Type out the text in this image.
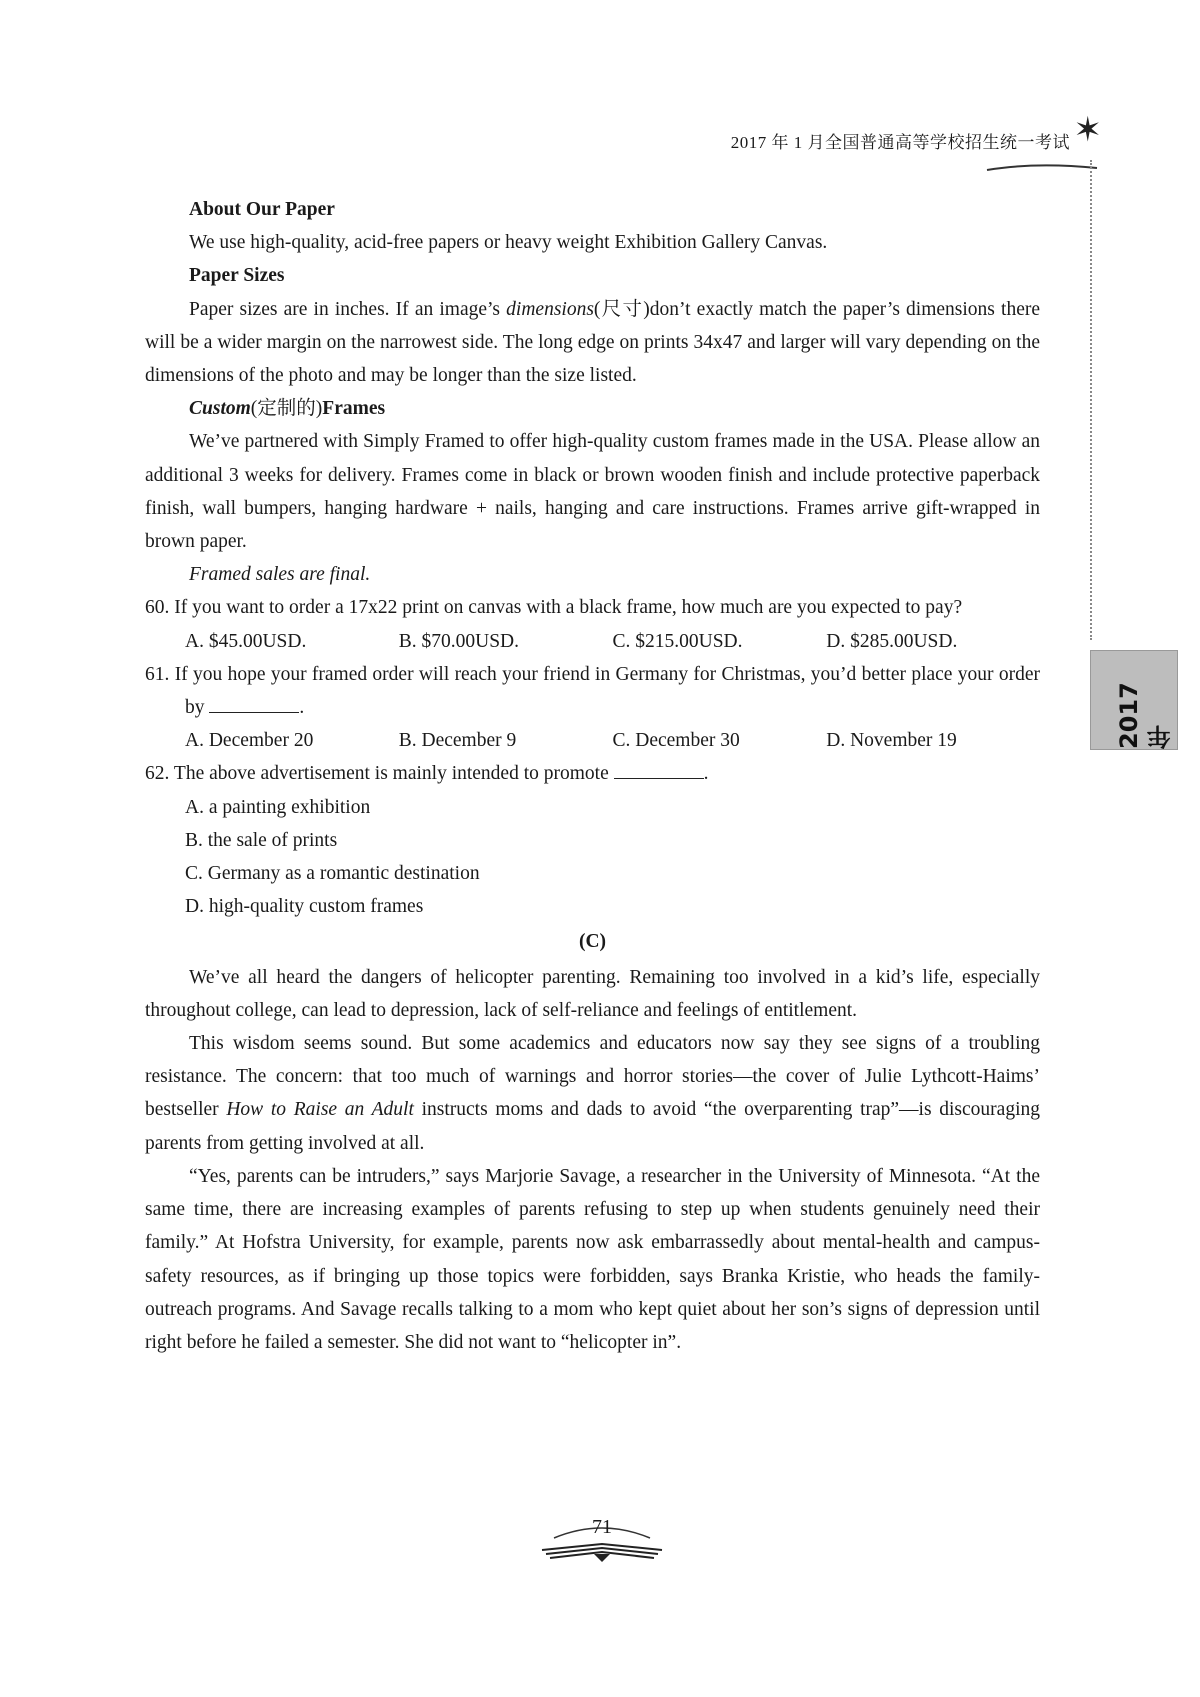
2017 年 1 月全国普通高等学校招生统一考试 ✶
2017年

About Our Paper

We use high-quality, acid-free papers or heavy weight Exhibition Gallery Canvas.

Paper Sizes

Paper sizes are in inches. If an image’s dimensions(尺寸)don’t exactly match the paper’s dimensions there will be a wider margin on the narrowest side. The long edge on prints 34x47 and larger will vary depending on the dimensions of the photo and may be longer than the size listed.

Custom(定制的)Frames

We’ve partnered with Simply Framed to offer high-quality custom frames made in the USA. Please allow an additional 3 weeks for delivery. Frames come in black or brown wooden finish and include protective paperback finish, wall bumpers, hanging hardware + nails, hanging and care instructions. Frames arrive gift-wrapped in brown paper.

Framed sales are final.

60. If you want to order a 17x22 print on canvas with a black frame, how much are you expected to pay?

A. $45.00USD.	B. $70.00USD.	C. $215.00USD.	D. $285.00USD.

61. If you hope your framed order will reach your friend in Germany for Christmas, you’d better place your order by	.

A. December 20	B. December 9	C. December 30	D. November 19

62. The above advertisement is mainly intended to promote	.

A. a painting exhibition

B. the sale of prints

C. Germany as a romantic destination

D. high-quality custom frames

(C)

We’ve all heard the dangers of helicopter parenting. Remaining too involved in a kid’s life, especially throughout college, can lead to depression, lack of self-reliance and feelings of entitlement.

This wisdom seems sound. But some academics and educators now say they see signs of a troubling resistance. The concern: that too much of warnings and horror stories—the cover of Julie Lythcott-Haims’ bestseller How to Raise an Adult instructs moms and dads to avoid “the overparenting trap”—is discouraging parents from getting involved at all.

“Yes, parents can be intruders,” says Marjorie Savage, a researcher in the University of Minnesota. “At the same time, there are increasing examples of parents refusing to step up when students genuinely need their family.” At Hofstra University, for example, parents now ask embarrassedly about mental-health and campus-safety resources, as if bringing up those topics were forbidden, says Branka Kristie, who heads the family-outreach programs. And Savage recalls talking to a mom who kept quiet about her son’s signs of depression until right before he failed a semester. She did not want to “helicopter in”.

71
